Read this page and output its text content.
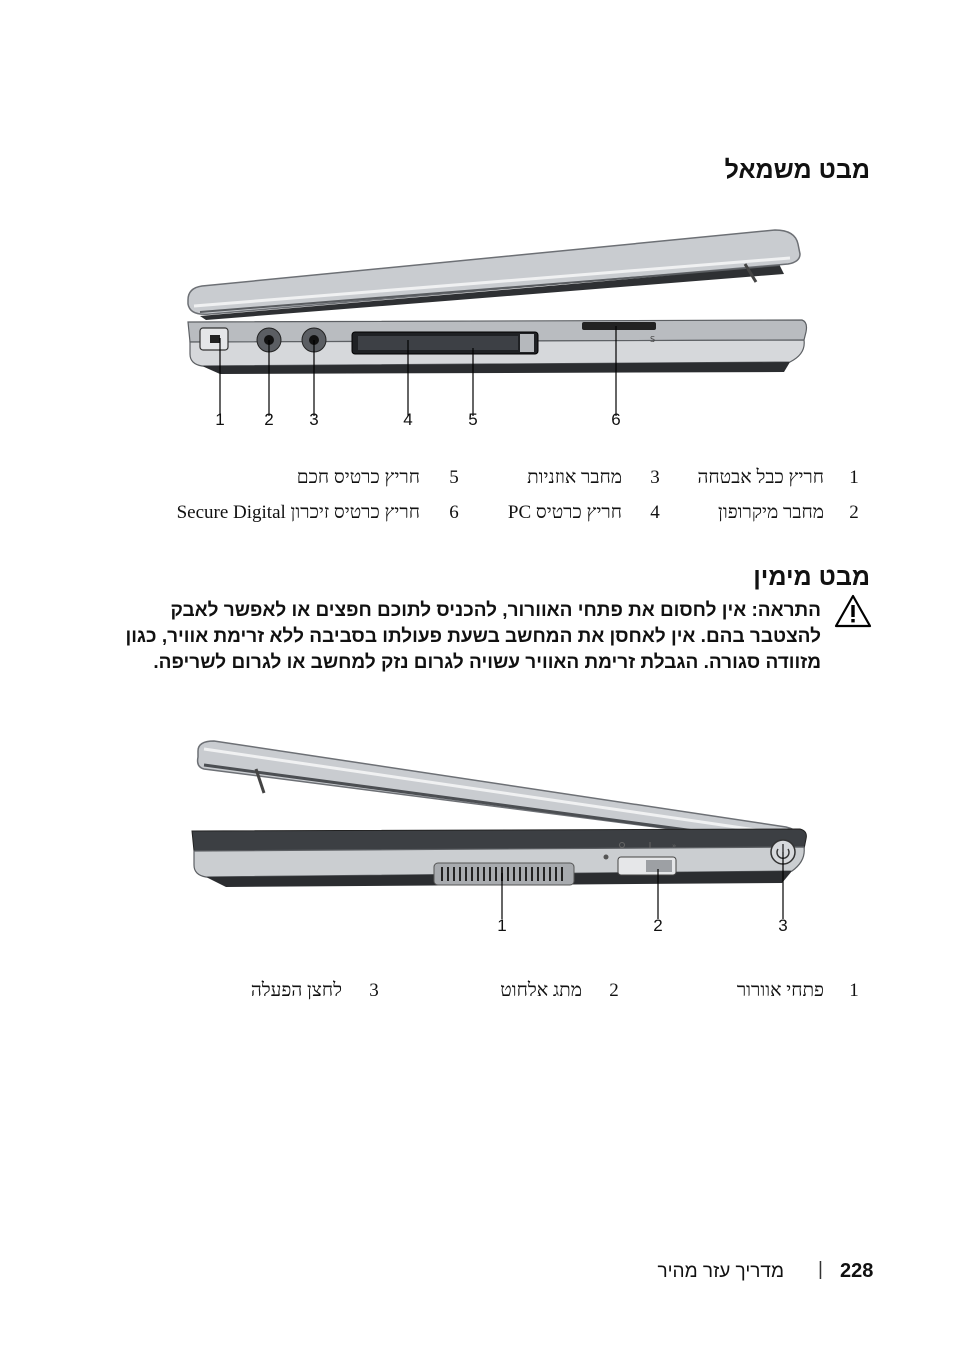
מבט משמאל
S
1	2	3	4	5	6
1
חריץ כבל אבטחה
2
מחבר מיקרופון
3
מחבר אוזניות
4
חריץ כרטיס PC
5
חריץ כרטיס חכם
6
חריץ כרטיס זיכרון Secure Digital
מבט מימין
התראה: אין לחסום את פתחי האוורור, להכניס לתוכם חפצים או לאפשר לאבק להצטבר בהם. אין לאחסן את המחשב בשעת פעולתו בסביבה ללא זרימת אוויר, כגון מזוודה סגורה. הגבלת זרימת האוויר עשויה לגרום נזק למחשב או לגרום לשריפה.
»
1	2	3
1
פתחי אוורור
2
מתג אלחוט
3
לחצן הפעלה
228
|
מדריך עזר מהיר
